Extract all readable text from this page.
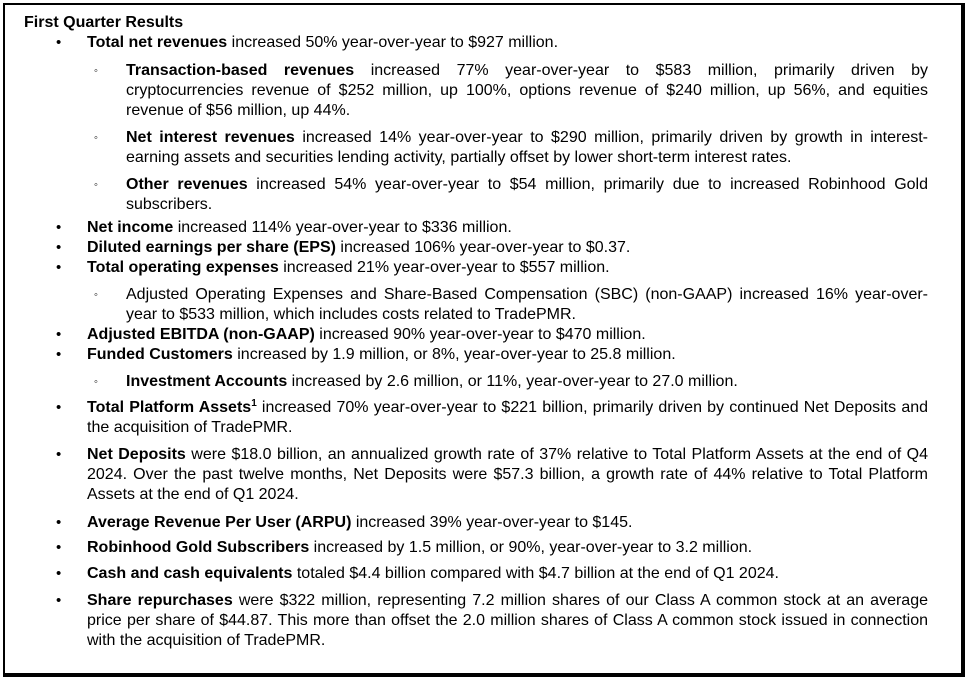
First Quarter Results
• Total net revenues increased 50% year-over-year to $927 million.
◦ Transaction-based revenues increased 77% year-over-year to $583 million, primarily driven by cryptocurrencies revenue of $252 million, up 100%, options revenue of $240 million, up 56%, and equities revenue of $56 million, up 44%.
◦ Net interest revenues increased 14% year-over-year to $290 million, primarily driven by growth in interest-earning assets and securities lending activity, partially offset by lower short-term interest rates.
◦ Other revenues increased 54% year-over-year to $54 million, primarily due to increased Robinhood Gold subscribers.
• Net income increased 114% year-over-year to $336 million.
• Diluted earnings per share (EPS) increased 106% year-over-year to $0.37.
• Total operating expenses increased 21% year-over-year to $557 million.
◦ Adjusted Operating Expenses and Share-Based Compensation (SBC) (non-GAAP) increased 16% year-over-year to $533 million, which includes costs related to TradePMR.
• Adjusted EBITDA (non-GAAP) increased 90% year-over-year to $470 million.
• Funded Customers increased by 1.9 million, or 8%, year-over-year to 25.8 million.
◦ Investment Accounts increased by 2.6 million, or 11%, year-over-year to 27.0 million.
• Total Platform Assets$^1$ increased 70% year-over-year to $221 billion, primarily driven by continued Net Deposits and the acquisition of TradePMR.
• Net Deposits were $18.0 billion, an annualized growth rate of 37% relative to Total Platform Assets at the end of Q4 2024. Over the past twelve months, Net Deposits were $57.3 billion, a growth rate of 44% relative to Total Platform Assets at the end of Q1 2024.
• Average Revenue Per User (ARPU) increased 39% year-over-year to $145.
• Robinhood Gold Subscribers increased by 1.5 million, or 90%, year-over-year to 3.2 million.
• Cash and cash equivalents totaled $4.4 billion compared with $4.7 billion at the end of Q1 2024.
• Share repurchases were $322 million, representing 7.2 million shares of our Class A common stock at an average price per share of $44.87. This more than offset the 2.0 million shares of Class A common stock issued in connection with the acquisition of TradePMR.
